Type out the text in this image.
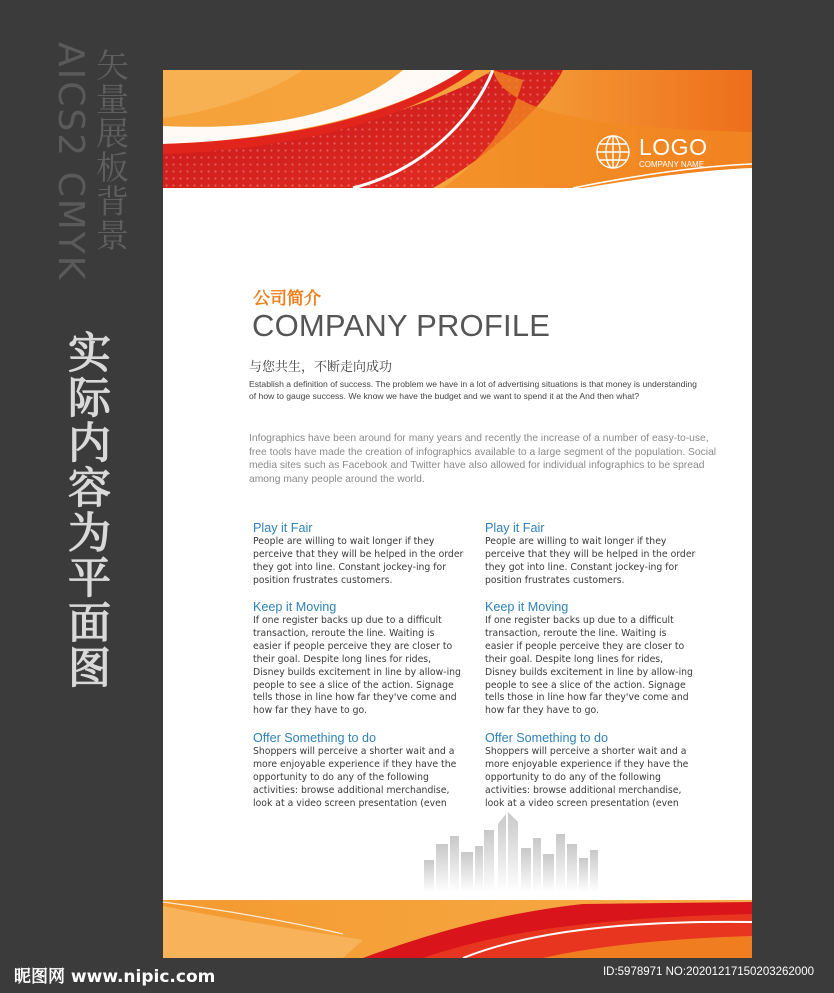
AICS2 CMYK 矢量展板背景
实际内容为平面图
LOGO
COMPANY NAME
公司简介
COMPANY PROFILE
与您共生，不断走向成功
Establish a definition of success. The problem we have in a lot of advertising situations is that money is understanding of how to gauge success. We know we have the budget and we want to spend it at the And then what?
Infographics have been around for many years and recently the increase of a number of easy-to-use, free tools have made the creation of infographics available to a large segment of the population. Social media sites such as Facebook and Twitter have also allowed for individual infographics to be spread among many people around the world.
Play it Fair
People are willing to wait longer if they perceive that they will be helped in the order they got into line. Constant jockey-ing for position frustrates customers.
Keep it Moving
If one register backs up due to a difficult transaction, reroute the line. Waiting is easier if people perceive they are closer to their goal. Despite long lines for rides, Disney builds excitement in line by allow-ing people to see a slice of the action. Signage tells those in line how far they've come and how far they have to go.
Offer Something to do
Shoppers will perceive a shorter wait and a more enjoyable experience if they have the opportunity to do any of the following activities: browse additional merchandise, look at a video screen presentation (even
Play it Fair
People are willing to wait longer if they perceive that they will be helped in the order they got into line. Constant jockey-ing for position frustrates customers.
Keep it Moving
If one register backs up due to a difficult transaction, reroute the line. Waiting is easier if people perceive they are closer to their goal. Despite long lines for rides, Disney builds excitement in line by allow-ing people to see a slice of the action. Signage tells those in line how far they've come and how far they have to go.
Offer Something to do
Shoppers will perceive a shorter wait and a more enjoyable experience if they have the opportunity to do any of the following activities: browse additional merchandise, look at a video screen presentation (even
昵图网 www.nipic.com	ID:5978971 NO:20201217150203262000
